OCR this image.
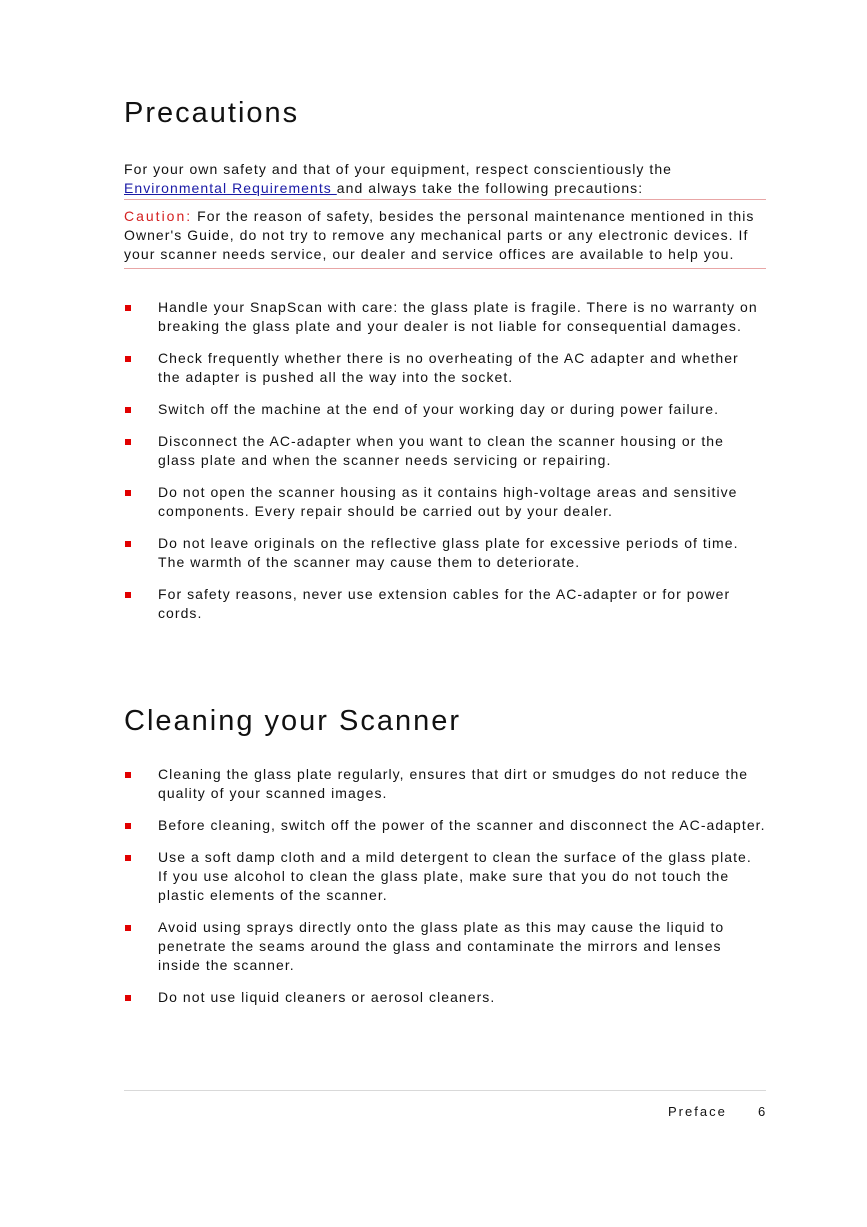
Precautions

For your own safety and that of your equipment, respect conscientiously the Environmental Requirements and always take the following precautions:

Caution: For the reason of safety, besides the personal maintenance mentioned in this Owner's Guide, do not try to remove any mechanical parts or any electronic devices. If your scanner needs service, our dealer and service offices are available to help you.
Handle your SnapScan with care: the glass plate is fragile. There is no warranty on breaking the glass plate and your dealer is not liable for consequential damages.
Check frequently whether there is no overheating of the AC adapter and whether the adapter is pushed all the way into the socket.
Switch off the machine at the end of your working day or during power failure.
Disconnect the AC-adapter when you want to clean the scanner housing or the glass plate and when the scanner needs servicing or repairing.
Do not open the scanner housing as it contains high-voltage areas and sensitive components. Every repair should be carried out by your dealer.
Do not leave originals on the reflective glass plate for excessive periods of time. The warmth of the scanner may cause them to deteriorate.
For safety reasons, never use extension cables for the AC-adapter or for power cords.
Cleaning your Scanner
Cleaning the glass plate regularly, ensures that dirt or smudges do not reduce the quality of your scanned images.
Before cleaning, switch off the power of the scanner and disconnect the AC-adapter.
Use a soft damp cloth and a mild detergent to clean the surface of the glass plate. If you use alcohol to clean the glass plate, make sure that you do not touch the plastic elements of the scanner.
Avoid using sprays directly onto the glass plate as this may cause the liquid to penetrate the seams around the glass and contaminate the mirrors and lenses inside the scanner.
Do not use liquid cleaners or aerosol cleaners.
Preface 6
